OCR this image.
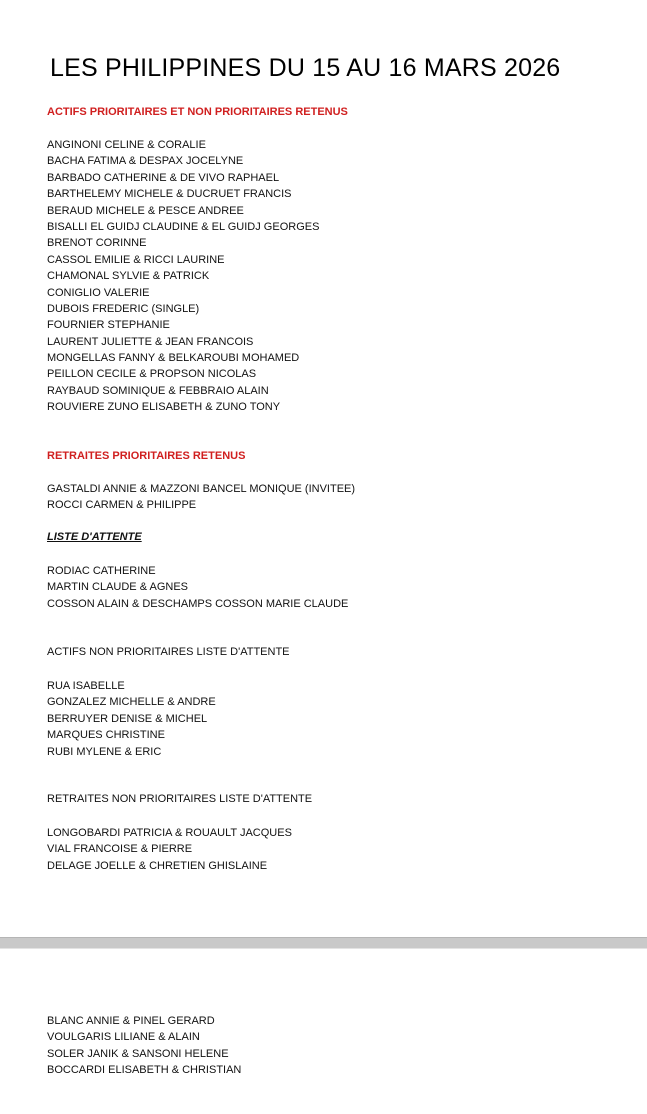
LES PHILIPPINES DU 15 AU 16 MARS 2026
ACTIFS PRIORITAIRES ET NON PRIORITAIRES RETENUS
ANGINONI CELINE & CORALIE
BACHA FATIMA & DESPAX JOCELYNE
BARBADO CATHERINE & DE VIVO RAPHAEL
BARTHELEMY MICHELE & DUCRUET FRANCIS
BERAUD MICHELE & PESCE ANDREE
BISALLI EL GUIDJ CLAUDINE & EL GUIDJ GEORGES
BRENOT CORINNE
CASSOL EMILIE & RICCI LAURINE
CHAMONAL SYLVIE & PATRICK
CONIGLIO VALERIE
DUBOIS FREDERIC (SINGLE)
FOURNIER STEPHANIE
LAURENT JULIETTE & JEAN FRANCOIS
MONGELLAS FANNY & BELKAROUBI MOHAMED
PEILLON CECILE & PROPSON NICOLAS
RAYBAUD SOMINIQUE & FEBBRAIO ALAIN
ROUVIERE ZUNO ELISABETH & ZUNO TONY
RETRAITES PRIORITAIRES RETENUS
GASTALDI ANNIE & MAZZONI BANCEL MONIQUE (INVITEE)
ROCCI CARMEN & PHILIPPE
LISTE D'ATTENTE
RODIAC CATHERINE
MARTIN CLAUDE & AGNES
COSSON ALAIN & DESCHAMPS COSSON MARIE CLAUDE
ACTIFS NON PRIORITAIRES LISTE D'ATTENTE
RUA ISABELLE
GONZALEZ MICHELLE & ANDRE
BERRUYER DENISE & MICHEL
MARQUES CHRISTINE
RUBI MYLENE & ERIC
RETRAITES NON PRIORITAIRES LISTE D'ATTENTE
LONGOBARDI PATRICIA & ROUAULT JACQUES
VIAL FRANCOISE & PIERRE
DELAGE JOELLE & CHRETIEN GHISLAINE
BLANC ANNIE & PINEL GERARD
VOULGARIS LILIANE & ALAIN
SOLER JANIK & SANSONI HELENE
BOCCARDI ELISABETH & CHRISTIAN
